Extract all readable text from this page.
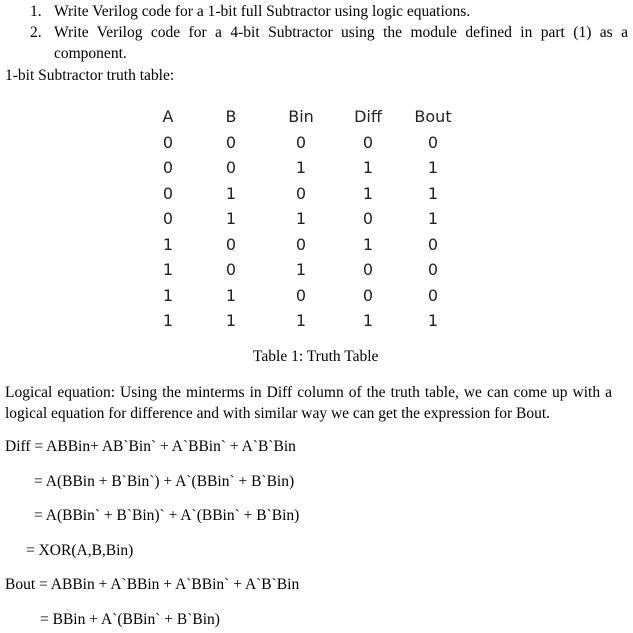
1. Write Verilog code for a 1-bit full Subtractor using logic equations.
2. Write Verilog code for a 4-bit Subtractor using the module defined in part (1) as a
component.
1-bit Subtractor truth table:
A	B	Bin	Diff	Bout
0	0	0	0	0
0	0	1	1	1
0	1	0	1	1
0	1	1	0	1
1	0	0	1	0
1	0	1	0	0
1	1	0	0	0
1	1	1	1	1
Table 1: Truth Table
Logical equation: Using the minterms in Diff column of the truth table, we can come up with a
logical equation for difference and with similar way we can get the expression for Bout.
Diff = ABBin+ AB`Bin` + A`BBin` + A`B`Bin
= A(BBin + B`Bin`) + A`(BBin` + B`Bin)
= A(BBin` + B`Bin)` + A`(BBin` + B`Bin)
= XOR(A,B,Bin)
Bout = ABBin + A`BBin + A`BBin` + A`B`Bin
= BBin + A`(BBin` + B`Bin)
